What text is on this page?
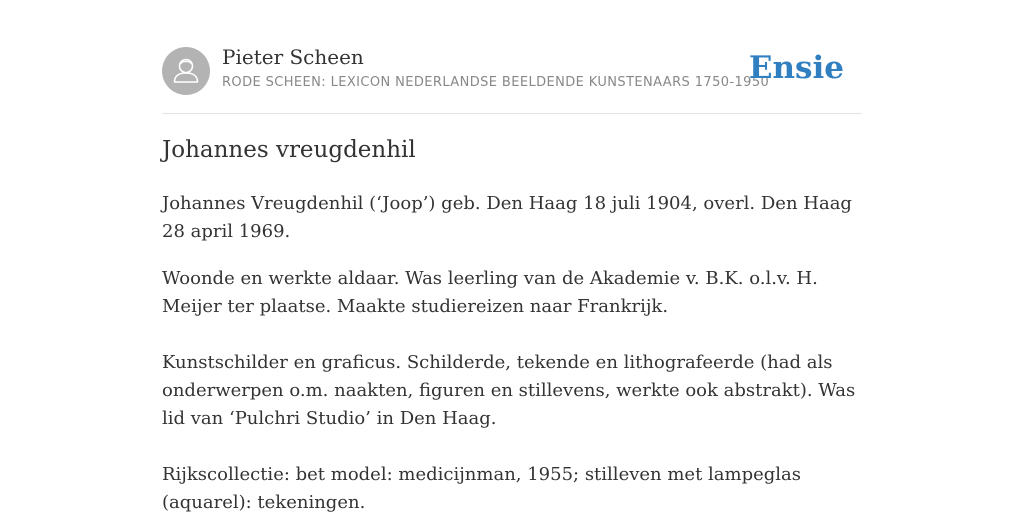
Pieter Scheen
RODE SCHEEN: LEXICON NEDERLANDSE BEELDENDE KUNSTENAARS 1750-1950
Ensie
Johannes vreugdenhil

Johannes Vreugdenhil (‘Joop’) geb. Den Haag 18 juli 1904, overl. Den Haag 28 april 1969.

Woonde en werkte aldaar. Was leerling van de Akademie v. B.K. o.l.v. H. Meijer ter plaatse. Maakte studiereizen naar Frankrijk.

Kunstschilder en graficus. Schilderde, tekende en lithografeerde (had als onderwerpen o.m. naakten, figuren en stillevens, werkte ook abstrakt). Was lid van ‘Pulchri Studio’ in Den Haag.

Rijkscollectie: bet model: medicijnman, 1955; stilleven met lampeglas (aquarel): tekeningen.
